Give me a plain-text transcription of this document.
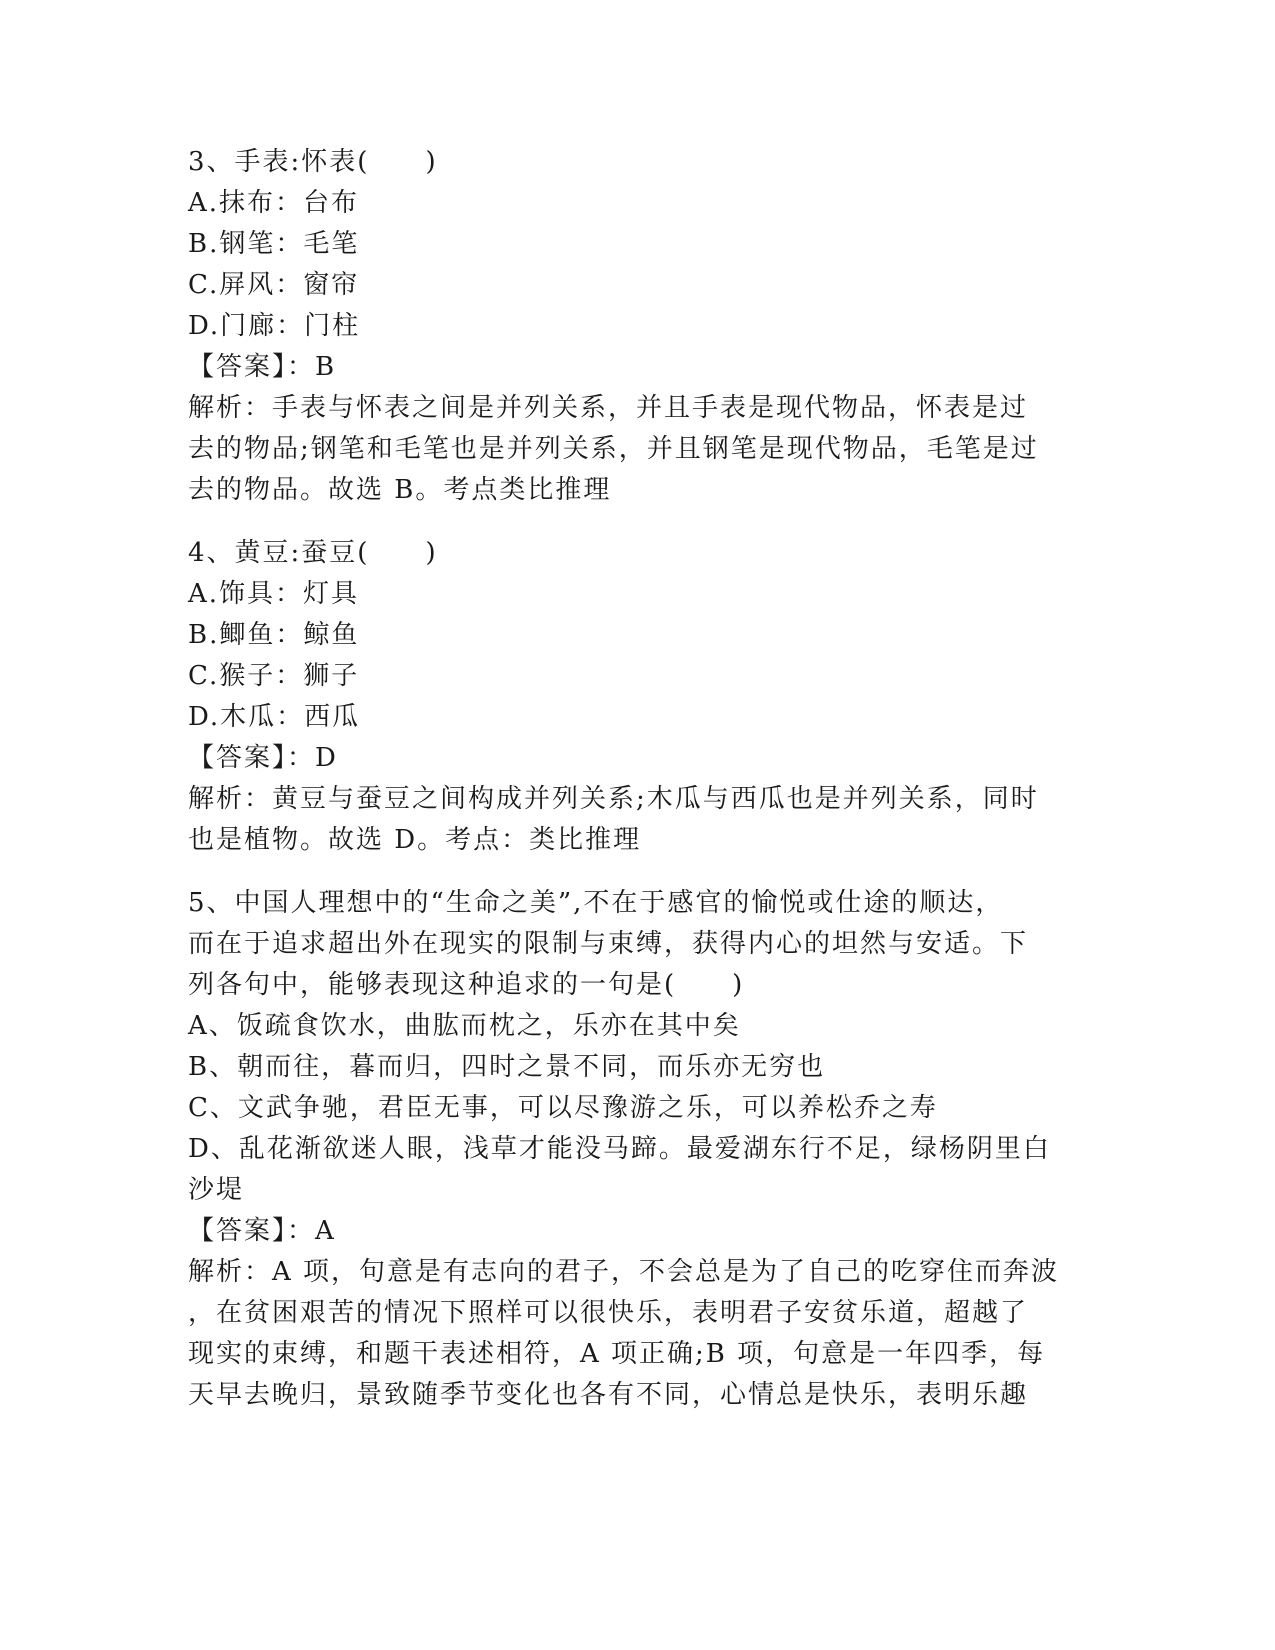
3、手表:怀表(　　)
A.抹布：台布
B.钢笔：毛笔
C.屏风：窗帘
D.门廊：门柱
【答案】：B
解析：手表与怀表之间是并列关系，并且手表是现代物品，怀表是过
去的物品;钢笔和毛笔也是并列关系，并且钢笔是现代物品，毛笔是过
去的物品。故选 B。考点类比推理
4、黄豆:蚕豆(　　)
A.饰具：灯具
B.鲫鱼：鲸鱼
C.猴子：狮子
D.木瓜：西瓜
【答案】：D
解析：黄豆与蚕豆之间构成并列关系;木瓜与西瓜也是并列关系，同时
也是植物。故选 D。考点：类比推理
5、中国人理想中的“生命之美”,不在于感官的愉悦或仕途的顺达，
而在于追求超出外在现实的限制与束缚，获得内心的坦然与安适。下
列各句中，能够表现这种追求的一句是(　　)
A、饭疏食饮水，曲肱而枕之，乐亦在其中矣
B、朝而往，暮而归，四时之景不同，而乐亦无穷也
C、文武争驰，君臣无事，可以尽豫游之乐，可以养松乔之寿
D、乱花渐欲迷人眼，浅草才能没马蹄。最爱湖东行不足，绿杨阴里白
沙堤
【答案】：A
解析：A 项，句意是有志向的君子，不会总是为了自己的吃穿住而奔波
，在贫困艰苦的情况下照样可以很快乐，表明君子安贫乐道，超越了
现实的束缚，和题干表述相符，A 项正确;B 项，句意是一年四季，每
天早去晚归，景致随季节变化也各有不同，心情总是快乐，表明乐趣
